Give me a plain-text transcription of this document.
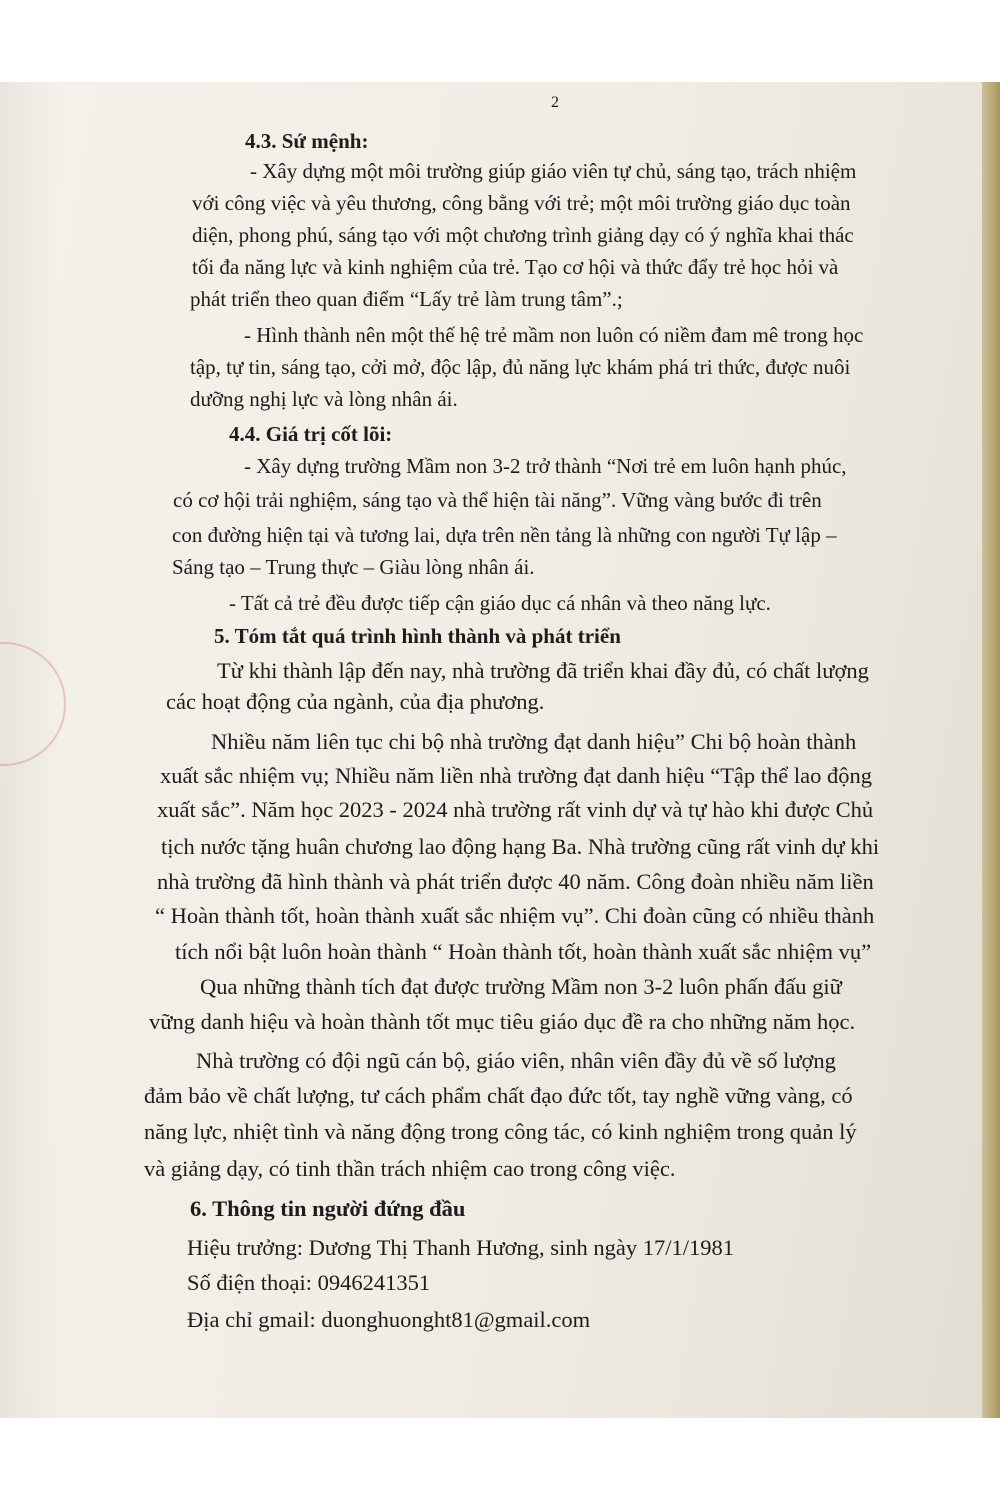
2
4.3. Sứ mệnh:
- Xây dựng một môi trường giúp giáo viên tự chủ, sáng tạo, trách nhiệm
với công việc và yêu thương, công bằng với trẻ; một môi trường giáo dục toàn
diện, phong phú, sáng tạo với một chương trình giảng dạy có ý nghĩa khai thác
tối đa năng lực và kinh nghiệm của trẻ. Tạo cơ hội và thức đẩy trẻ học hỏi và
phát triển theo quan điểm “Lấy trẻ làm trung tâm”.;
- Hình thành nên một thế hệ trẻ mầm non luôn có niềm đam mê trong học
tập, tự tin, sáng tạo, cởi mở, độc lập, đủ năng lực khám phá tri thức, được nuôi
dưỡng nghị lực và lòng nhân ái.
4.4. Giá trị cốt lõi:
- Xây dựng trường Mầm non 3-2 trở thành “Nơi trẻ em luôn hạnh phúc,
có cơ hội trải nghiệm, sáng tạo và thể hiện tài năng”. Vững vàng bước đi trên
con đường hiện tại và tương lai, dựa trên nền tảng là những con người Tự lập –
Sáng tạo – Trung thực – Giàu lòng nhân ái.
- Tất cả trẻ đều được tiếp cận giáo dục cá nhân và theo năng lực.
5. Tóm tắt quá trình hình thành và phát triển
Từ khi thành lập đến nay, nhà trường đã triển khai đầy đủ, có chất lượng
các hoạt động của ngành, của địa phương.
Nhiều năm liên tục chi bộ nhà trường đạt danh hiệu” Chi bộ hoàn thành
xuất sắc nhiệm vụ; Nhiều năm liền nhà trường đạt danh hiệu “Tập thể lao động
xuất sắc”. Năm học 2023 - 2024 nhà trường rất vinh dự và tự hào khi được Chủ
tịch nước tặng huân chương lao động hạng Ba. Nhà trường cũng rất vinh dự khi
nhà trường đã hình thành và phát triển được 40 năm. Công đoàn nhiều năm liền
“ Hoàn thành tốt, hoàn thành xuất sắc nhiệm vụ”. Chi đoàn cũng có nhiều thành
tích nổi bật luôn hoàn thành “ Hoàn thành tốt, hoàn thành xuất sắc nhiệm vụ”
Qua những thành tích đạt được trường Mầm non 3-2 luôn phấn đấu giữ
vững danh hiệu và hoàn thành tốt mục tiêu giáo dục đề ra cho những năm học.
Nhà trường có đội ngũ cán bộ, giáo viên, nhân viên đầy đủ về số lượng
đảm bảo về chất lượng, tư cách phẩm chất đạo đức tốt, tay nghề vững vàng, có
năng lực, nhiệt tình và năng động trong công tác, có kinh nghiệm trong quản lý
và giảng dạy, có tinh thần trách nhiệm cao trong công việc.
6. Thông tin người đứng đầu
Hiệu trưởng: Dương Thị Thanh Hương, sinh ngày 17/1/1981
Số điện thoại: 0946241351
Địa chỉ gmail: duonghuonght81@gmail.com
